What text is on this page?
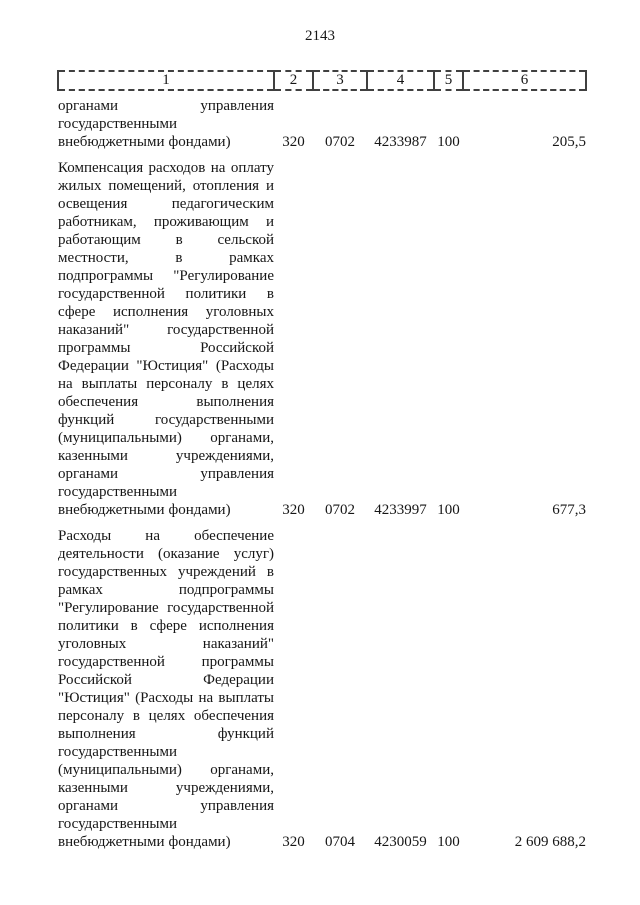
2143
1	2	3	4	5	6
органами управления государственными внебюджетными фондами)	320	0702	4233987	100	205,5
Компенсация расходов на оплату жилых помещений, отопления и освещения педагогическим работникам, проживающим и работающим в сельской местности, в рамках подпрограммы "Регулирование государственной политики в сфере исполнения уголовных наказаний" государственной программы Российской Федерации "Юстиция" (Расходы на выплаты персоналу в целях обеспечения выполнения функций государственными (муниципальными) органами, казенными учреждениями, органами управления государственными внебюджетными фондами)	320	0702	4233997	100	677,3
Расходы на обеспечение деятельности (оказание услуг) государственных учреждений в рамках подпрограммы "Регулирование государственной политики в сфере исполнения уголовных наказаний" государственной программы Российской Федерации "Юстиция" (Расходы на выплаты персоналу в целях обеспечения выполнения функций государственными (муниципальными) органами, казенными учреждениями, органами управления государственными внебюджетными фондами)	320	0704	4230059	100	2 609 688,2
